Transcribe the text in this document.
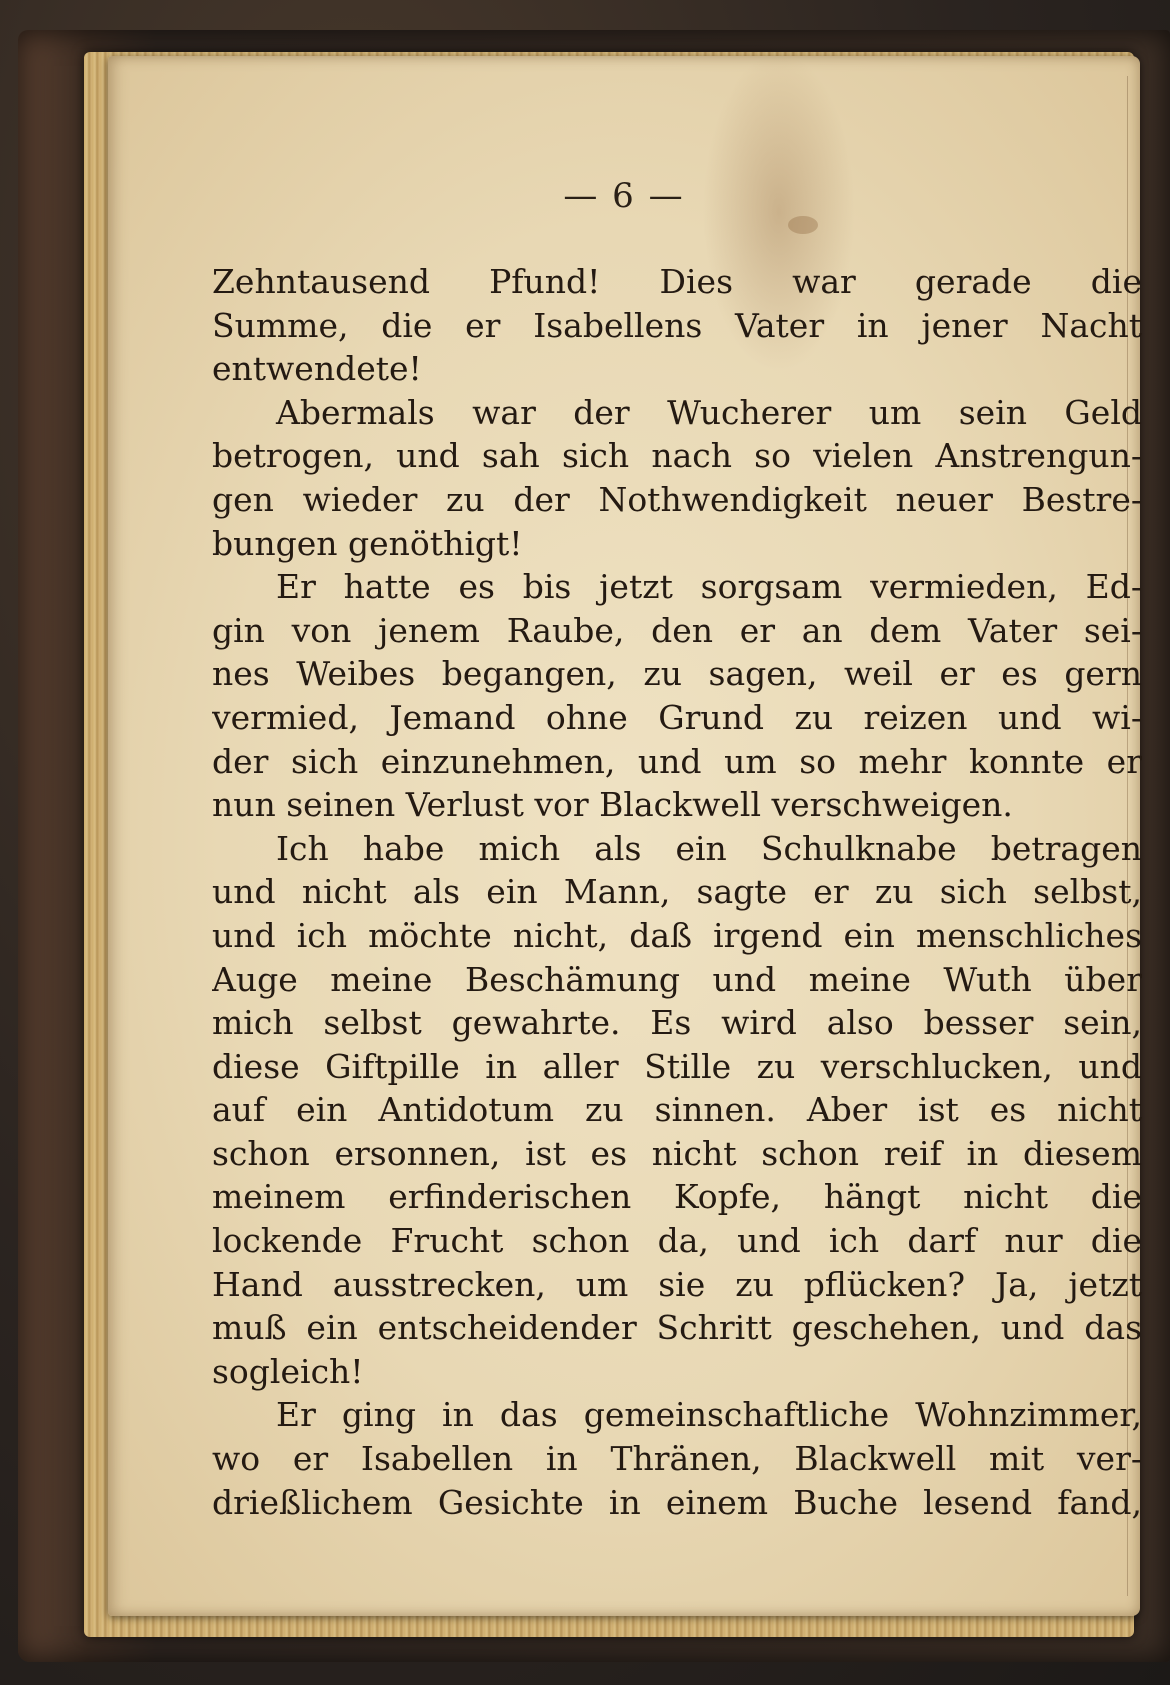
— 6 —
Zehntausend Pfund! Dies war gerade die
Summe, die er Isabellens Vater in jener Nacht
entwendete!
Abermals war der Wucherer um sein Geld
betrogen, und sah sich nach so vielen Anstrengun-
gen wieder zu der Nothwendigkeit neuer Bestre-
bungen genöthigt!
Er hatte es bis jetzt sorgsam vermieden, Ed-
gin von jenem Raube, den er an dem Vater sei-
nes Weibes begangen, zu sagen, weil er es gern
vermied, Jemand ohne Grund zu reizen und wi-
der sich einzunehmen, und um so mehr konnte er
nun seinen Verlust vor Blackwell verschweigen.
Ich habe mich als ein Schulknabe betragen
und nicht als ein Mann, sagte er zu sich selbst,
und ich möchte nicht, daß irgend ein menschliches
Auge meine Beschämung und meine Wuth über
mich selbst gewahrte. Es wird also besser sein,
diese Giftpille in aller Stille zu verschlucken, und
auf ein Antidotum zu sinnen. Aber ist es nicht
schon ersonnen, ist es nicht schon reif in diesem
meinem erfinderischen Kopfe, hängt nicht die
lockende Frucht schon da, und ich darf nur die
Hand ausstrecken, um sie zu pflücken? Ja, jetzt
muß ein entscheidender Schritt geschehen, und das
sogleich!
Er ging in das gemeinschaftliche Wohnzimmer,
wo er Isabellen in Thränen, Blackwell mit ver-
drießlichem Gesichte in einem Buche lesend fand,
